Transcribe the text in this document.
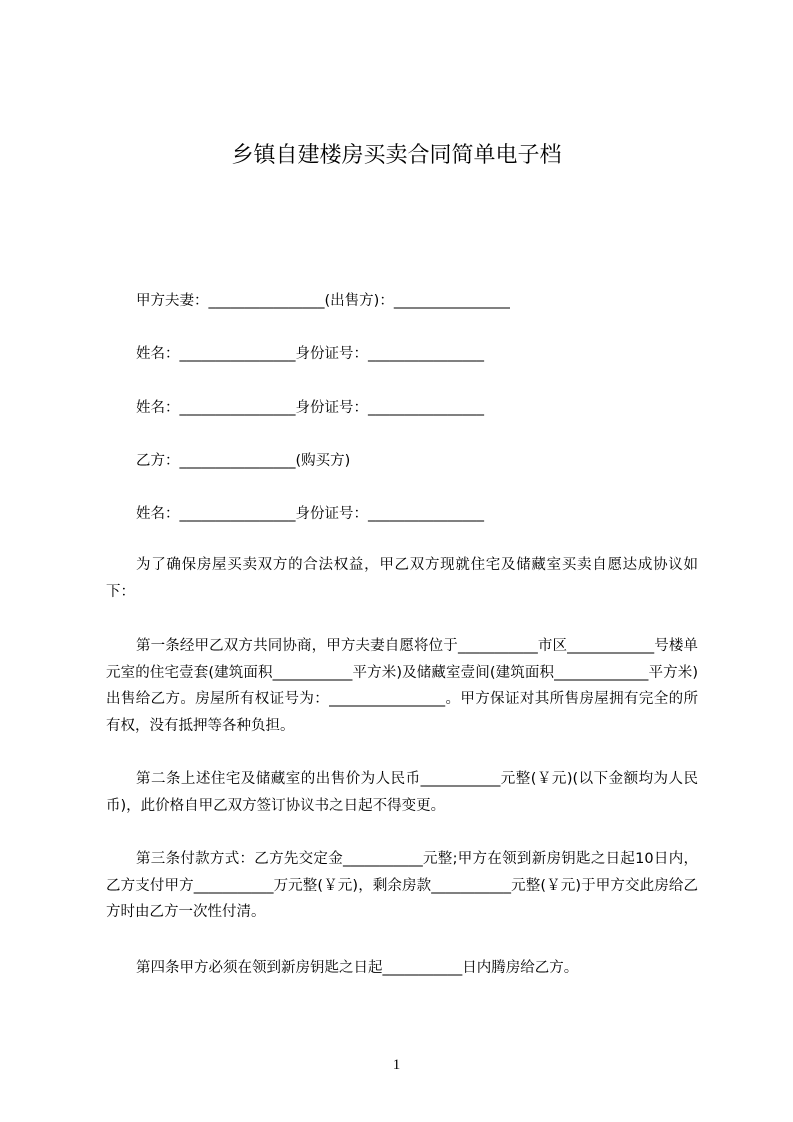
乡镇自建楼房买卖合同简单电子档

甲方夫妻：________________(出售方)：________________

姓名：________________身份证号：________________

姓名：________________身份证号：________________

乙方：________________(购买方)

姓名：________________身份证号：________________

为了确保房屋买卖双方的合法权益，甲乙双方现就住宅及储藏室买卖自愿达成协议如下：

第一条经甲乙双方共同协商，甲方夫妻自愿将位于___________市区____________号楼单元室的住宅壹套(建筑面积___________平方米)及储藏室壹间(建筑面积_____________平方米)出售给乙方。房屋所有权证号为：________________。甲方保证对其所售房屋拥有完全的所有权，没有抵押等各种负担。

第二条上述住宅及储藏室的出售价为人民币___________元整(￥元)(以下金额均为人民币)，此价格自甲乙双方签订协议书之日起不得变更。

第三条付款方式：乙方先交定金___________元整;甲方在领到新房钥匙之日起10日内，乙方支付甲方___________万元整(￥元)，剩余房款___________元整(￥元)于甲方交此房给乙方时由乙方一次性付清。

第四条甲方必须在领到新房钥匙之日起___________日内腾房给乙方。

1
